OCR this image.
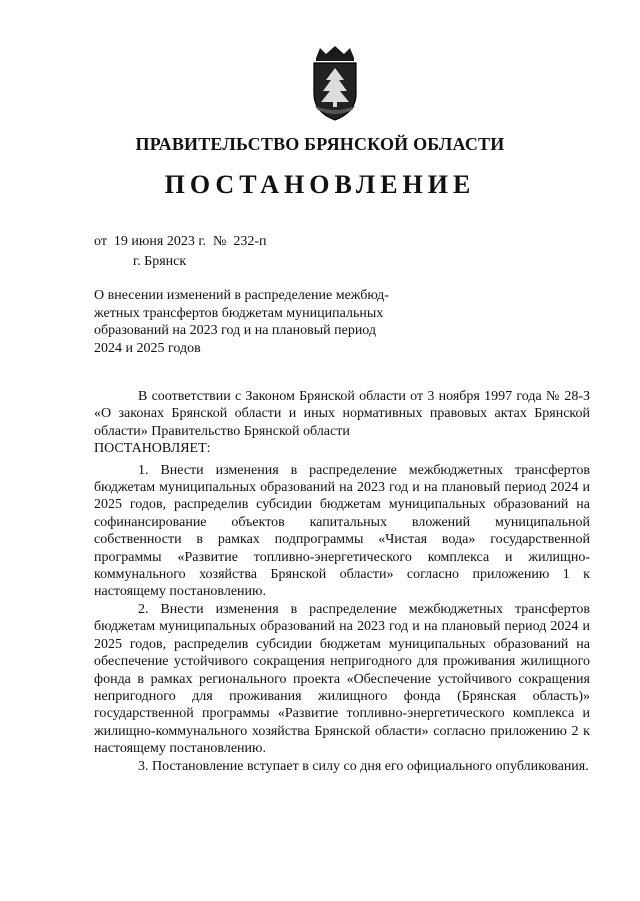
ПРАВИТЕЛЬСТВО БРЯНСКОЙ ОБЛАСТИ
ПОСТАНОВЛЕНИЕ
от  19 июня 2023 г.  №  232-п
г. Брянск
О внесении изменений в распределение межбюд-
жетных трансфертов бюджетам муниципальных
образований на 2023 год и на плановый период
2024 и 2025 годов

В соответствии с Законом Брянской области от 3 ноября 1997 года № 28-З «О законах Брянской области и иных нормативных правовых актах Брянской области» Правительство Брянской области

ПОСТАНОВЛЯЕТ:

1. Внести изменения в распределение межбюджетных трансфертов бюджетам муниципальных образований на 2023 год и на плановый период 2024 и 2025 годов, распределив субсидии бюджетам муниципальных образований на софинансирование объектов капитальных вложений муниципальной собственности в рамках подпрограммы «Чистая вода» государственной программы «Развитие топливно-энергетического комплекса и жилищно-коммунального хозяйства Брянской области» согласно приложению 1 к настоящему постановлению.

2. Внести изменения в распределение межбюджетных трансфертов бюджетам муниципальных образований на 2023 год и на плановый период 2024 и 2025 годов, распределив субсидии бюджетам муниципальных образований на обеспечение устойчивого сокращения непригодного для проживания жилищного фонда в рамках регионального проекта «Обеспечение устойчивого сокращения непригодного для проживания жилищного фонда (Брянская область)» государственной программы «Развитие топливно-энергетического комплекса и жилищно-коммунального хозяйства Брянской области» согласно приложению 2 к настоящему постановлению.

3. Постановление вступает в силу со дня его официального опубликования.
